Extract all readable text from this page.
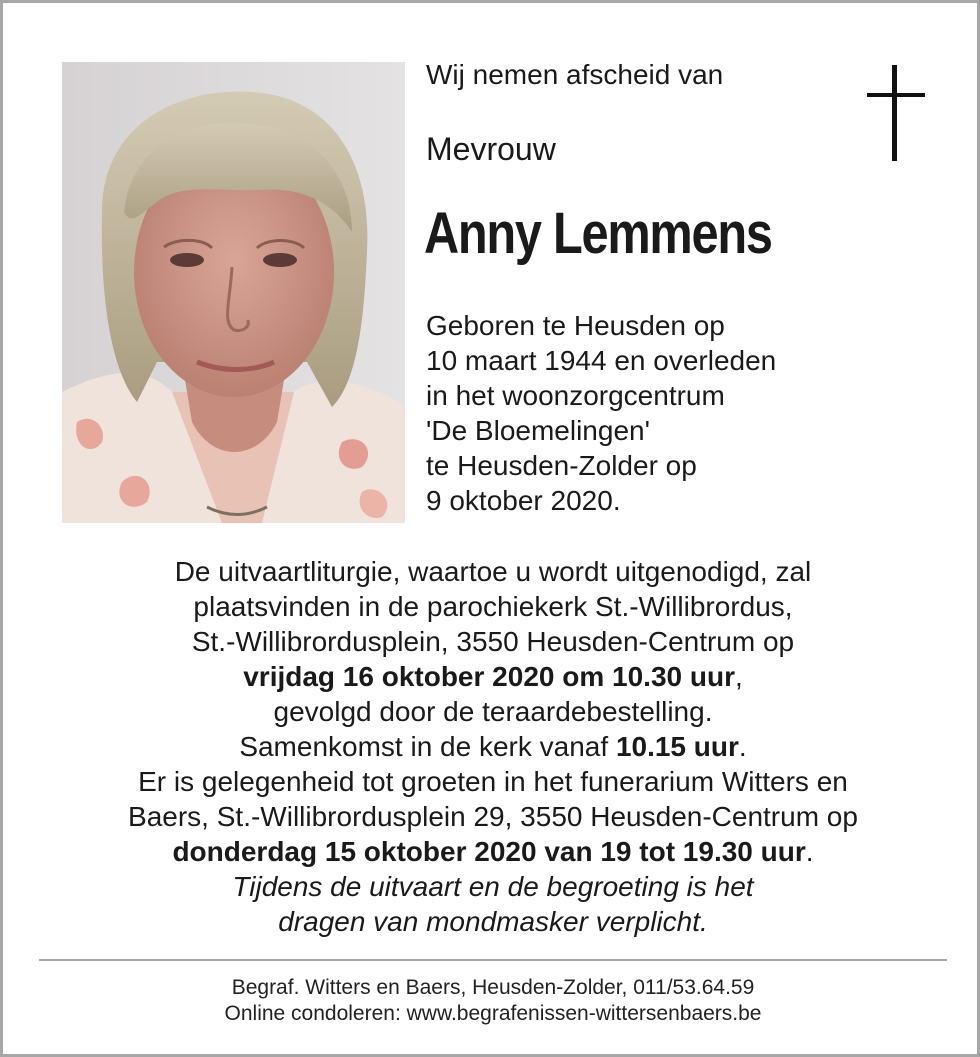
Wij nemen afscheid van
Mevrouw
Anny Lemmens
Geboren te Heusden op
10 maart 1944 en overleden
in het woonzorgcentrum
'De Bloemelingen'
te Heusden-Zolder op
9 oktober 2020.
De uitvaartliturgie, waartoe u wordt uitgenodigd, zal
plaatsvinden in de parochiekerk St.-Willibrordus,
St.-Willibrordusplein, 3550 Heusden-Centrum op
vrijdag 16 oktober 2020 om 10.30 uur,
gevolgd door de teraardebestelling.
Samenkomst in de kerk vanaf 10.15 uur.
Er is gelegenheid tot groeten in het funerarium Witters en
Baers, St.-Willibrordusplein 29, 3550 Heusden-Centrum op
donderdag 15 oktober 2020 van 19 tot 19.30 uur.
Tijdens de uitvaart en de begroeting is het
dragen van mondmasker verplicht.
Begraf. Witters en Baers, Heusden-Zolder, 011/53.64.59
Online condoleren: www.begrafenissen-wittersenbaers.be
